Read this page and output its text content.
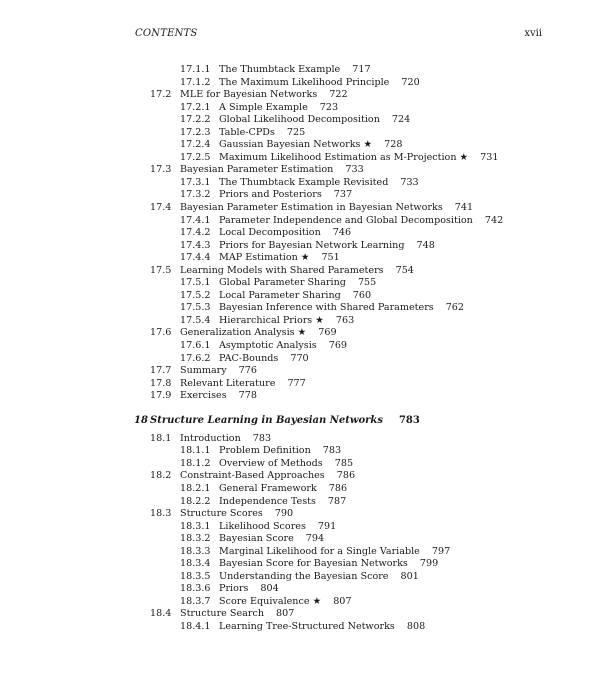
CONTENTS	xvii
17.1.1 The Thumbtack Example 717
17.1.2 The Maximum Likelihood Principle 720
17.2 MLE for Bayesian Networks 722
17.2.1 A Simple Example 723
17.2.2 Global Likelihood Decomposition 724
17.2.3 Table-CPDs 725
17.2.4 Gaussian Bayesian Networks ★ 728
17.2.5 Maximum Likelihood Estimation as M-Projection ★ 731
17.3 Bayesian Parameter Estimation 733
17.3.1 The Thumbtack Example Revisited 733
17.3.2 Priors and Posteriors 737
17.4 Bayesian Parameter Estimation in Bayesian Networks 741
17.4.1 Parameter Independence and Global Decomposition 742
17.4.2 Local Decomposition 746
17.4.3 Priors for Bayesian Network Learning 748
17.4.4 MAP Estimation ★ 751
17.5 Learning Models with Shared Parameters 754
17.5.1 Global Parameter Sharing 755
17.5.2 Local Parameter Sharing 760
17.5.3 Bayesian Inference with Shared Parameters 762
17.5.4 Hierarchical Priors ★ 763
17.6 Generalization Analysis ★ 769
17.6.1 Asymptotic Analysis 769
17.6.2 PAC-Bounds 770
17.7 Summary 776
17.8 Relevant Literature 777
17.9 Exercises 778
18 Structure Learning in Bayesian Networks 783
18.1 Introduction 783
18.1.1 Problem Definition 783
18.1.2 Overview of Methods 785
18.2 Constraint-Based Approaches 786
18.2.1 General Framework 786
18.2.2 Independence Tests 787
18.3 Structure Scores 790
18.3.1 Likelihood Scores 791
18.3.2 Bayesian Score 794
18.3.3 Marginal Likelihood for a Single Variable 797
18.3.4 Bayesian Score for Bayesian Networks 799
18.3.5 Understanding the Bayesian Score 801
18.3.6 Priors 804
18.3.7 Score Equivalence ★ 807
18.4 Structure Search 807
18.4.1 Learning Tree-Structured Networks 808
